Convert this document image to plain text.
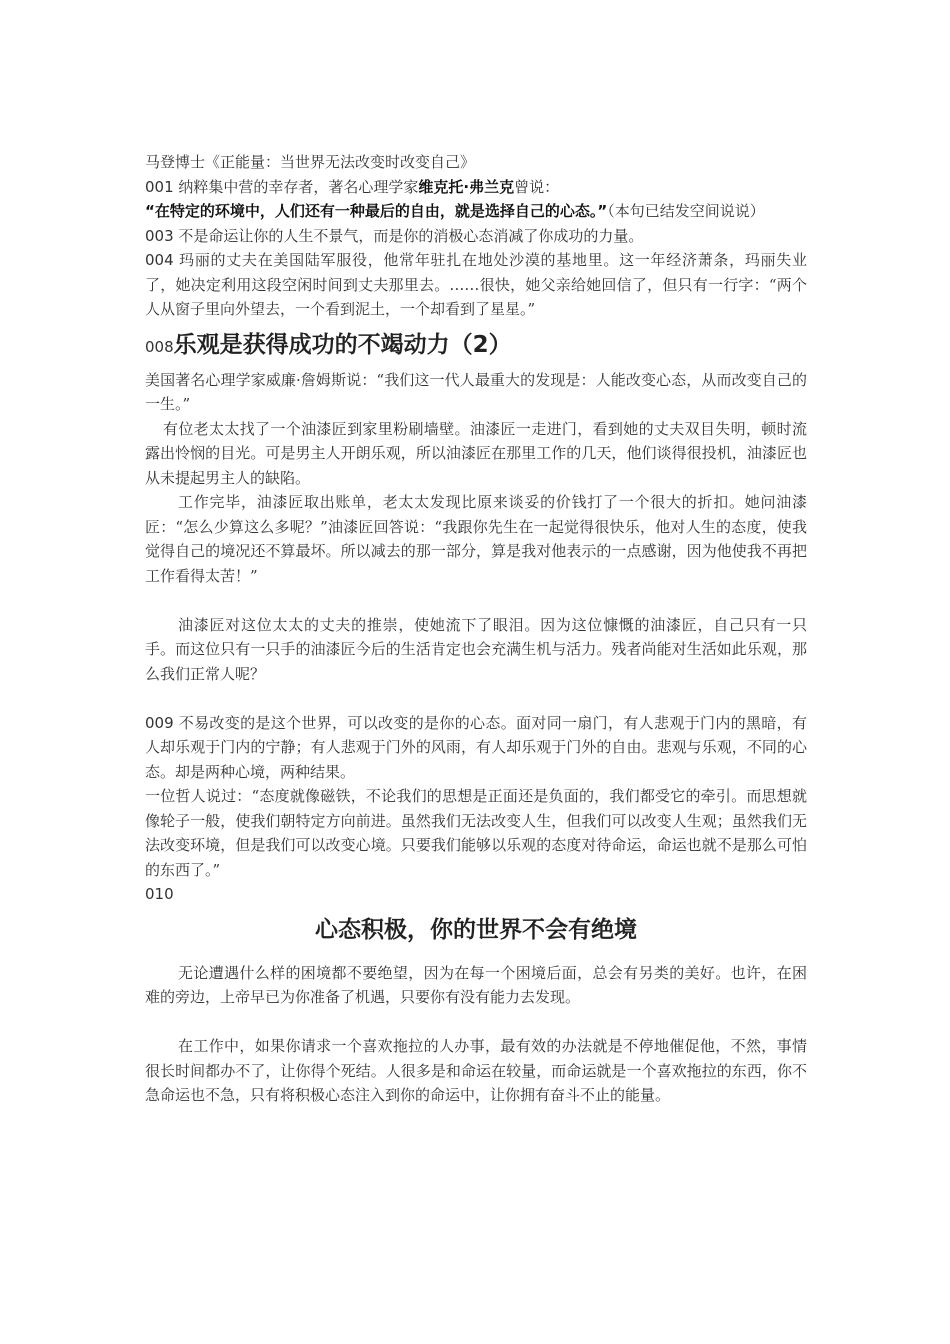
马登博士《正能量：当世界无法改变时改变自己》

001 纳粹集中营的幸存者，著名心理学家维克托·弗兰克曾说：

“在特定的环境中，人们还有一种最后的自由，就是选择自己的心态。”（本句已结发空间说说）

003 不是命运让你的人生不景气，而是你的消极心态消减了你成功的力量。

004 玛丽的丈夫在美国陆军服役，他常年驻扎在地处沙漠的基地里。这一年经济萧条，玛丽失业了，她决定利用这段空闲时间到丈夫那里去。……很快，她父亲给她回信了，但只有一行字：“两个人从窗子里向外望去，一个看到泥土，一个却看到了星星。”

008乐观是获得成功的不竭动力（2）

美国著名心理学家威廉·詹姆斯说：“我们这一代人最重大的发现是：人能改变心态，从而改变自己的一生。”

有位老太太找了一个油漆匠到家里粉刷墙壁。油漆匠一走进门，看到她的丈夫双目失明，顿时流露出怜悯的目光。可是男主人开朗乐观，所以油漆匠在那里工作的几天，他们谈得很投机，油漆匠也从未提起男主人的缺陷。

工作完毕，油漆匠取出账单，老太太发现比原来谈妥的价钱打了一个很大的折扣。她问油漆匠：“怎么少算这么多呢？”油漆匠回答说：“我跟你先生在一起觉得很快乐，他对人生的态度，使我觉得自己的境况还不算最坏。所以减去的那一部分，算是我对他表示的一点感谢，因为他使我不再把工作看得太苦！”

油漆匠对这位太太的丈夫的推崇，使她流下了眼泪。因为这位慷慨的油漆匠，自己只有一只手。而这位只有一只手的油漆匠今后的生活肯定也会充满生机与活力。残者尚能对生活如此乐观，那么我们正常人呢？

009 不易改变的是这个世界，可以改变的是你的心态。面对同一扇门，有人悲观于门内的黑暗，有人却乐观于门内的宁静；有人悲观于门外的风雨，有人却乐观于门外的自由。悲观与乐观，不同的心态。却是两种心境，两种结果。

一位哲人说过：“态度就像磁铁，不论我们的思想是正面还是负面的，我们都受它的牵引。而思想就像轮子一般，使我们朝特定方向前进。虽然我们无法改变人生，但我们可以改变人生观；虽然我们无法改变环境，但是我们可以改变心境。只要我们能够以乐观的态度对待命运，命运也就不是那么可怕的东西了。”

010

心态积极，你的世界不会有绝境

无论遭遇什么样的困境都不要绝望，因为在每一个困境后面，总会有另类的美好。也许，在困难的旁边，上帝早已为你准备了机遇，只要你有没有能力去发现。

在工作中，如果你请求一个喜欢拖拉的人办事，最有效的办法就是不停地催促他，不然，事情很长时间都办不了，让你得个死结。人很多是和命运在较量，而命运就是一个喜欢拖拉的东西，你不急命运也不急，只有将积极心态注入到你的命运中，让你拥有奋斗不止的能量。
